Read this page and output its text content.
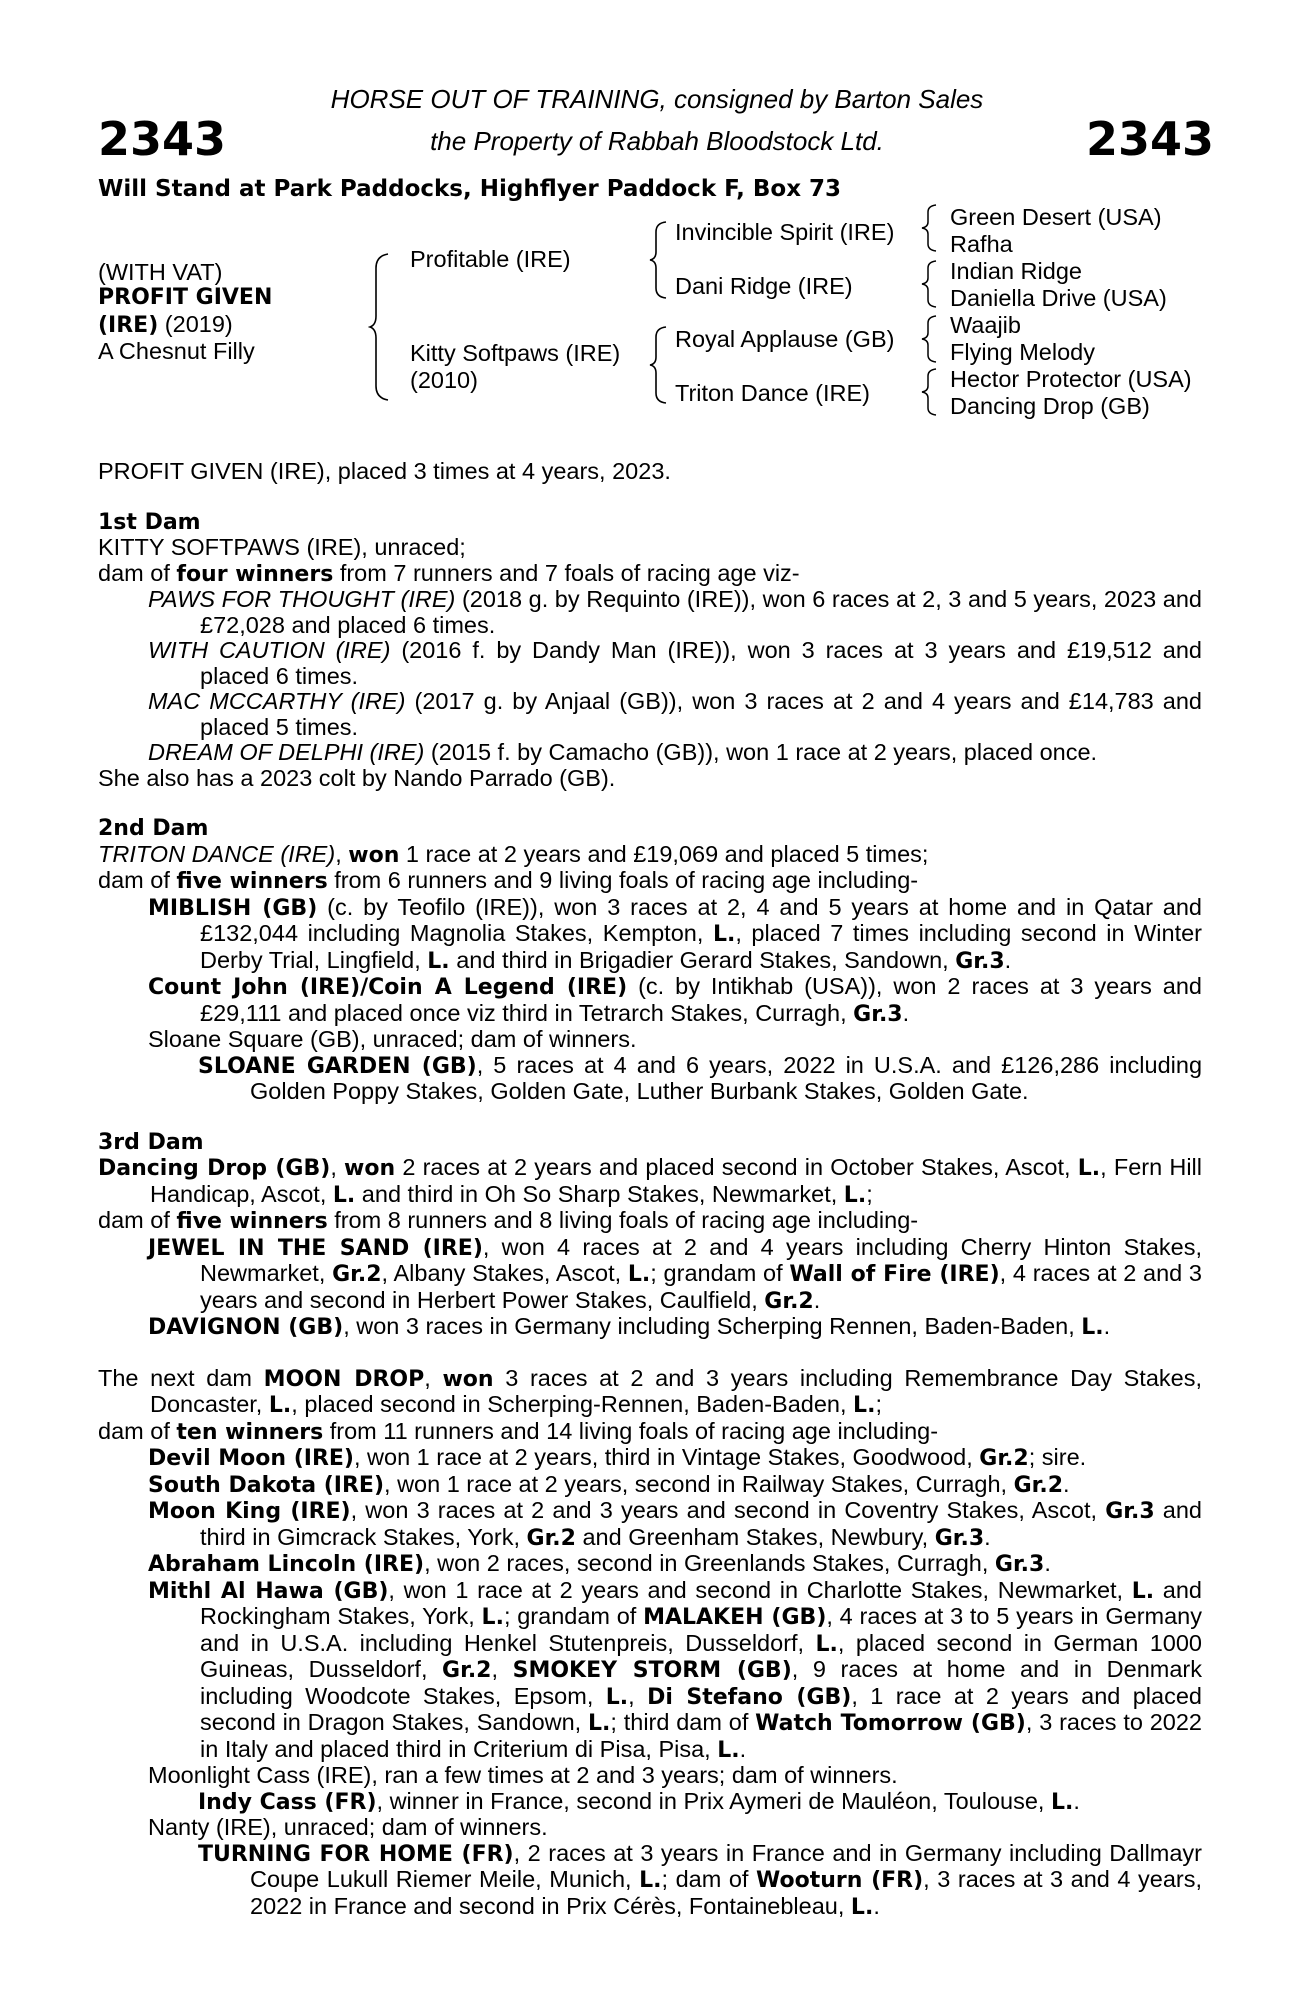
2343	2343
HORSE OUT OF TRAINING, consigned by Barton Sales
the Property of Rabbah Bloodstock Ltd.
Will Stand at Park Paddocks, Highflyer Paddock F, Box 73
(WITH VAT)
PROFIT GIVEN
(IRE) (2019)
A Chesnut Filly
Profitable (IRE)
Kitty Softpaws (IRE)
(2010)
Invincible Spirit (IRE)
Dani Ridge (IRE)
Royal Applause (GB)
Triton Dance (IRE)
Green Desert (USA)
Rafha
Indian Ridge
Daniella Drive (USA)
Waajib
Flying Melody
Hector Protector (USA)
Dancing Drop (GB)

PROFIT GIVEN (IRE), placed 3 times at 4 years, 2023.

1st Dam

KITTY SOFTPAWS (IRE), unraced;

dam of four winners from 7 runners and 7 foals of racing age viz-

PAWS FOR THOUGHT (IRE) (2018 g. by Requinto (IRE)), won 6 races at 2, 3 and 5 years, 2023 and £72,028 and placed 6 times.

WITH CAUTION (IRE) (2016 f. by Dandy Man (IRE)), won 3 races at 3 years and £19,512 and placed 6 times.

MAC MCCARTHY (IRE) (2017 g. by Anjaal (GB)), won 3 races at 2 and 4 years and £14,783 and placed 5 times.

DREAM OF DELPHI (IRE) (2015 f. by Camacho (GB)), won 1 race at 2 years, placed once.

She also has a 2023 colt by Nando Parrado (GB).

2nd Dam

TRITON DANCE (IRE), won 1 race at 2 years and £19,069 and placed 5 times;

dam of five winners from 6 runners and 9 living foals of racing age including-

MIBLISH (GB) (c. by Teofilo (IRE)), won 3 races at 2, 4 and 5 years at home and in Qatar and £132,044 including Magnolia Stakes, Kempton, L., placed 7 times including second in Winter Derby Trial, Lingfield, L. and third in Brigadier Gerard Stakes, Sandown, Gr.3.

Count John (IRE)/Coin A Legend (IRE) (c. by Intikhab (USA)), won 2 races at 3 years and £29,111 and placed once viz third in Tetrarch Stakes, Curragh, Gr.3.

Sloane Square (GB), unraced; dam of winners.

SLOANE GARDEN (GB), 5 races at 4 and 6 years, 2022 in U.S.A. and £126,286 including Golden Poppy Stakes, Golden Gate, Luther Burbank Stakes, Golden Gate.

3rd Dam

Dancing Drop (GB), won 2 races at 2 years and placed second in October Stakes, Ascot, L., Fern Hill Handicap, Ascot, L. and third in Oh So Sharp Stakes, Newmarket, L.;

dam of five winners from 8 runners and 8 living foals of racing age including-

JEWEL IN THE SAND (IRE), won 4 races at 2 and 4 years including Cherry Hinton Stakes, Newmarket, Gr.2, Albany Stakes, Ascot, L.; grandam of Wall of Fire (IRE), 4 races at 2 and 3 years and second in Herbert Power Stakes, Caulfield, Gr.2.

DAVIGNON (GB), won 3 races in Germany including Scherping Rennen, Baden-Baden, L..

The next dam MOON DROP, won 3 races at 2 and 3 years including Remembrance Day Stakes, Doncaster, L., placed second in Scherping-Rennen, Baden-Baden, L.;

dam of ten winners from 11 runners and 14 living foals of racing age including-

Devil Moon (IRE), won 1 race at 2 years, third in Vintage Stakes, Goodwood, Gr.2; sire.

South Dakota (IRE), won 1 race at 2 years, second in Railway Stakes, Curragh, Gr.2.

Moon King (IRE), won 3 races at 2 and 3 years and second in Coventry Stakes, Ascot, Gr.3 and third in Gimcrack Stakes, York, Gr.2 and Greenham Stakes, Newbury, Gr.3.

Abraham Lincoln (IRE), won 2 races, second in Greenlands Stakes, Curragh, Gr.3.

Mithl Al Hawa (GB), won 1 race at 2 years and second in Charlotte Stakes, Newmarket, L. and Rockingham Stakes, York, L.; grandam of MALAKEH (GB), 4 races at 3 to 5 years in Germany and in U.S.A. including Henkel Stutenpreis, Dusseldorf, L., placed second in German 1000 Guineas, Dusseldorf, Gr.2, SMOKEY STORM (GB), 9 races at home and in Denmark including Woodcote Stakes, Epsom, L., Di Stefano (GB), 1 race at 2 years and placed second in Dragon Stakes, Sandown, L.; third dam of Watch Tomorrow (GB), 3 races to 2022 in Italy and placed third in Criterium di Pisa, Pisa, L..

Moonlight Cass (IRE), ran a few times at 2 and 3 years; dam of winners.

Indy Cass (FR), winner in France, second in Prix Aymeri de Mauléon, Toulouse, L..

Nanty (IRE), unraced; dam of winners.

TURNING FOR HOME (FR), 2 races at 3 years in France and in Germany including Dallmayr Coupe Lukull Riemer Meile, Munich, L.; dam of Wooturn (FR), 3 races at 3 and 4 years, 2022 in France and second in Prix Cérès, Fontainebleau, L..
